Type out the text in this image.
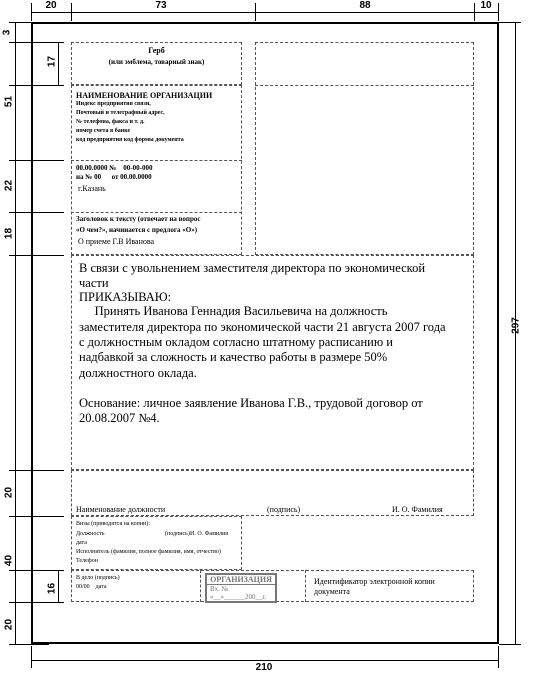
20	73	88	10
3
17
51
22
18
20
40
16
20
297
210
Герб
(или эмблема, товарный знак)
НАИМЕНОВАНИЕ ОРГАНИЗАЦИИ
Индекс предприятия связи,
Почтовый и телеграфный адрес,
№ телефона, факса и т. д.
номер счета в банке
код предприятия код формы документа
00.00.0000 №    00-00-000
на № 00      от 00.00.0000
г.Казань
Заголовок к тексту (отвечает на вопрос
«О чем?», начинается с предлога «О»)
О приеме Г.В Иванова
В связи с увольнением заместителя директора по экономической
части
ПРИКАЗЫВАЮ:
Принять Иванова Геннадия Васильевича на должность
заместителя директора по экономической части 21 августа 2007 года
с должностным окладом согласно штатному расписанию и
надбавкой за сложность и качество работы в размере 50%
должностного оклада.
Основание: личное заявление Иванова Г.В., трудовой договор от
20.08.2007 №4.
Наименование должности	(подпись)	И. О. Фамилия
Визы (приводятся на копии):
Должность	(подпись) И. О. Фамилия
дата
Исполнитель (фамилия, полное фамилия, имя, отчество)
Телефон
В дело (подпись)
00/00    дата
ОРГАНИЗАЦИЯ
Вх. №
«__»______200__г.
Идентификатор электронной копии
документа
